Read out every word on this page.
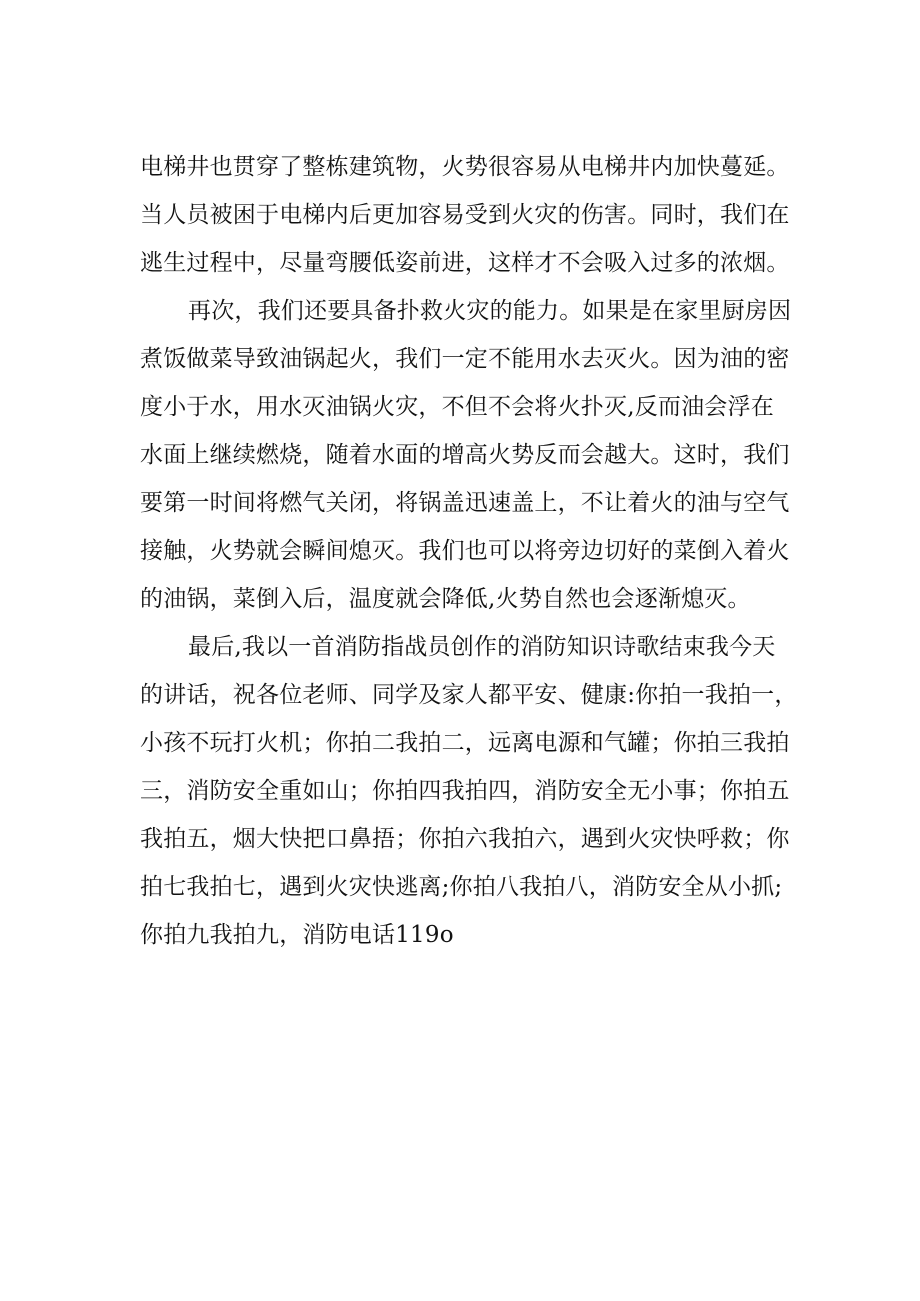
电梯井也贯穿了整栋建筑物，火势很容易从电梯井内加快蔓延。
当人员被困于电梯内后更加容易受到火灾的伤害。同时，我们在
逃生过程中，尽量弯腰低姿前进，这样才不会吸入过多的浓烟。
再次，我们还要具备扑救火灾的能力。如果是在家里厨房因
煮饭做菜导致油锅起火，我们一定不能用水去灭火。因为油的密
度小于水，用水灭油锅火灾，不但不会将火扑灭,反而油会浮在
水面上继续燃烧，随着水面的增高火势反而会越大。这时，我们
要第一时间将燃气关闭，将锅盖迅速盖上，不让着火的油与空气
接触，火势就会瞬间熄灭。我们也可以将旁边切好的菜倒入着火
的油锅，菜倒入后，温度就会降低,火势自然也会逐渐熄灭。
最后,我以一首消防指战员创作的消防知识诗歌结束我今天
的讲话，祝各位老师、同学及家人都平安、健康:你拍一我拍一，
小孩不玩打火机；你拍二我拍二，远离电源和气罐；你拍三我拍
三，消防安全重如山；你拍四我拍四，消防安全无小事；你拍五
我拍五，烟大快把口鼻捂；你拍六我拍六，遇到火灾快呼救；你
拍七我拍七，遇到火灾快逃离;你拍八我拍八，消防安全从小抓;
你拍九我拍九，消防电话119o
